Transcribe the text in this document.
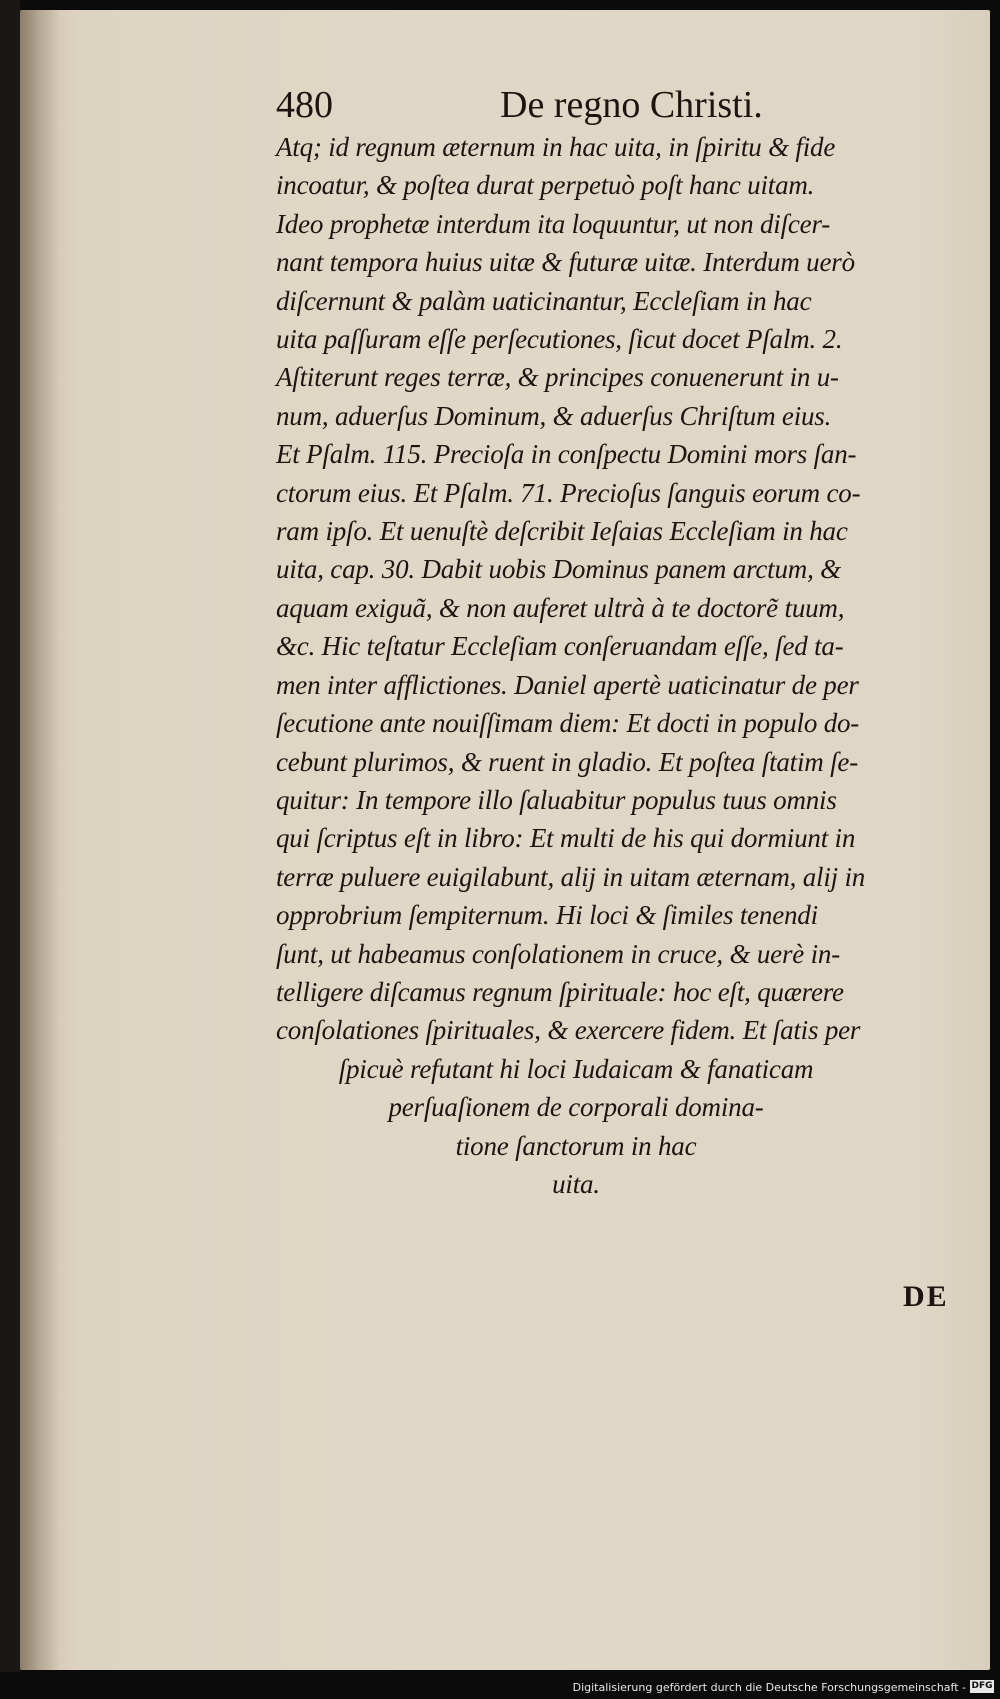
480	De regno Christi.
Atq; id regnum æternum in hac uita, in ſpiritu & fide
incoatur, & poſtea durat perpetuò poſt hanc uitam.
Ideo prophetæ interdum ita loquuntur, ut non diſcer-
nant tempora huius uitæ & futuræ uitæ. Interdum uerò
diſcernunt & palàm uaticinantur, Eccleſiam in hac
uita paſſuram eſſe perſecutiones, ſicut docet Pſalm. 2.
Aſtiterunt reges terræ, & principes conuenerunt in u-
num, aduerſus Dominum, & aduerſus Chriſtum eius.
Et Pſalm. 115. Precioſa in conſpectu Domini mors ſan-
ctorum eius. Et Pſalm. 71. Precioſus ſanguis eorum co-
ram ipſo. Et uenuſtè deſcribit Ieſaias Eccleſiam in hac
uita, cap. 30. Dabit uobis Dominus panem arctum, &
aquam exiguã, & non auferet ultrà à te doctorẽ tuum,
&c. Hic teſtatur Eccleſiam conſeruandam eſſe, ſed ta-
men inter afflictiones. Daniel apertè uaticinatur de per
ſecutione ante nouiſſimam diem: Et docti in populo do-
cebunt plurimos, & ruent in gladio. Et poſtea ſtatim ſe-
quitur: In tempore illo ſaluabitur populus tuus omnis
qui ſcriptus eſt in libro: Et multi de his qui dormiunt in
terræ puluere euigilabunt, alij in uitam æternam, alij in
opprobrium ſempiternum. Hi loci & ſimiles tenendi
ſunt, ut habeamus conſolationem in cruce, & uerè in-
telligere diſcamus regnum ſpirituale: hoc eſt, quærere
conſolationes ſpirituales, & exercere fidem. Et ſatis per
ſpicuè refutant hi loci Iudaicam & fanaticam
perſuaſionem de corporali domina-
tione ſanctorum in hac
uita.
DE
Digitalisierung gefördert durch die Deutsche Forschungsgemeinschaft - DFG
